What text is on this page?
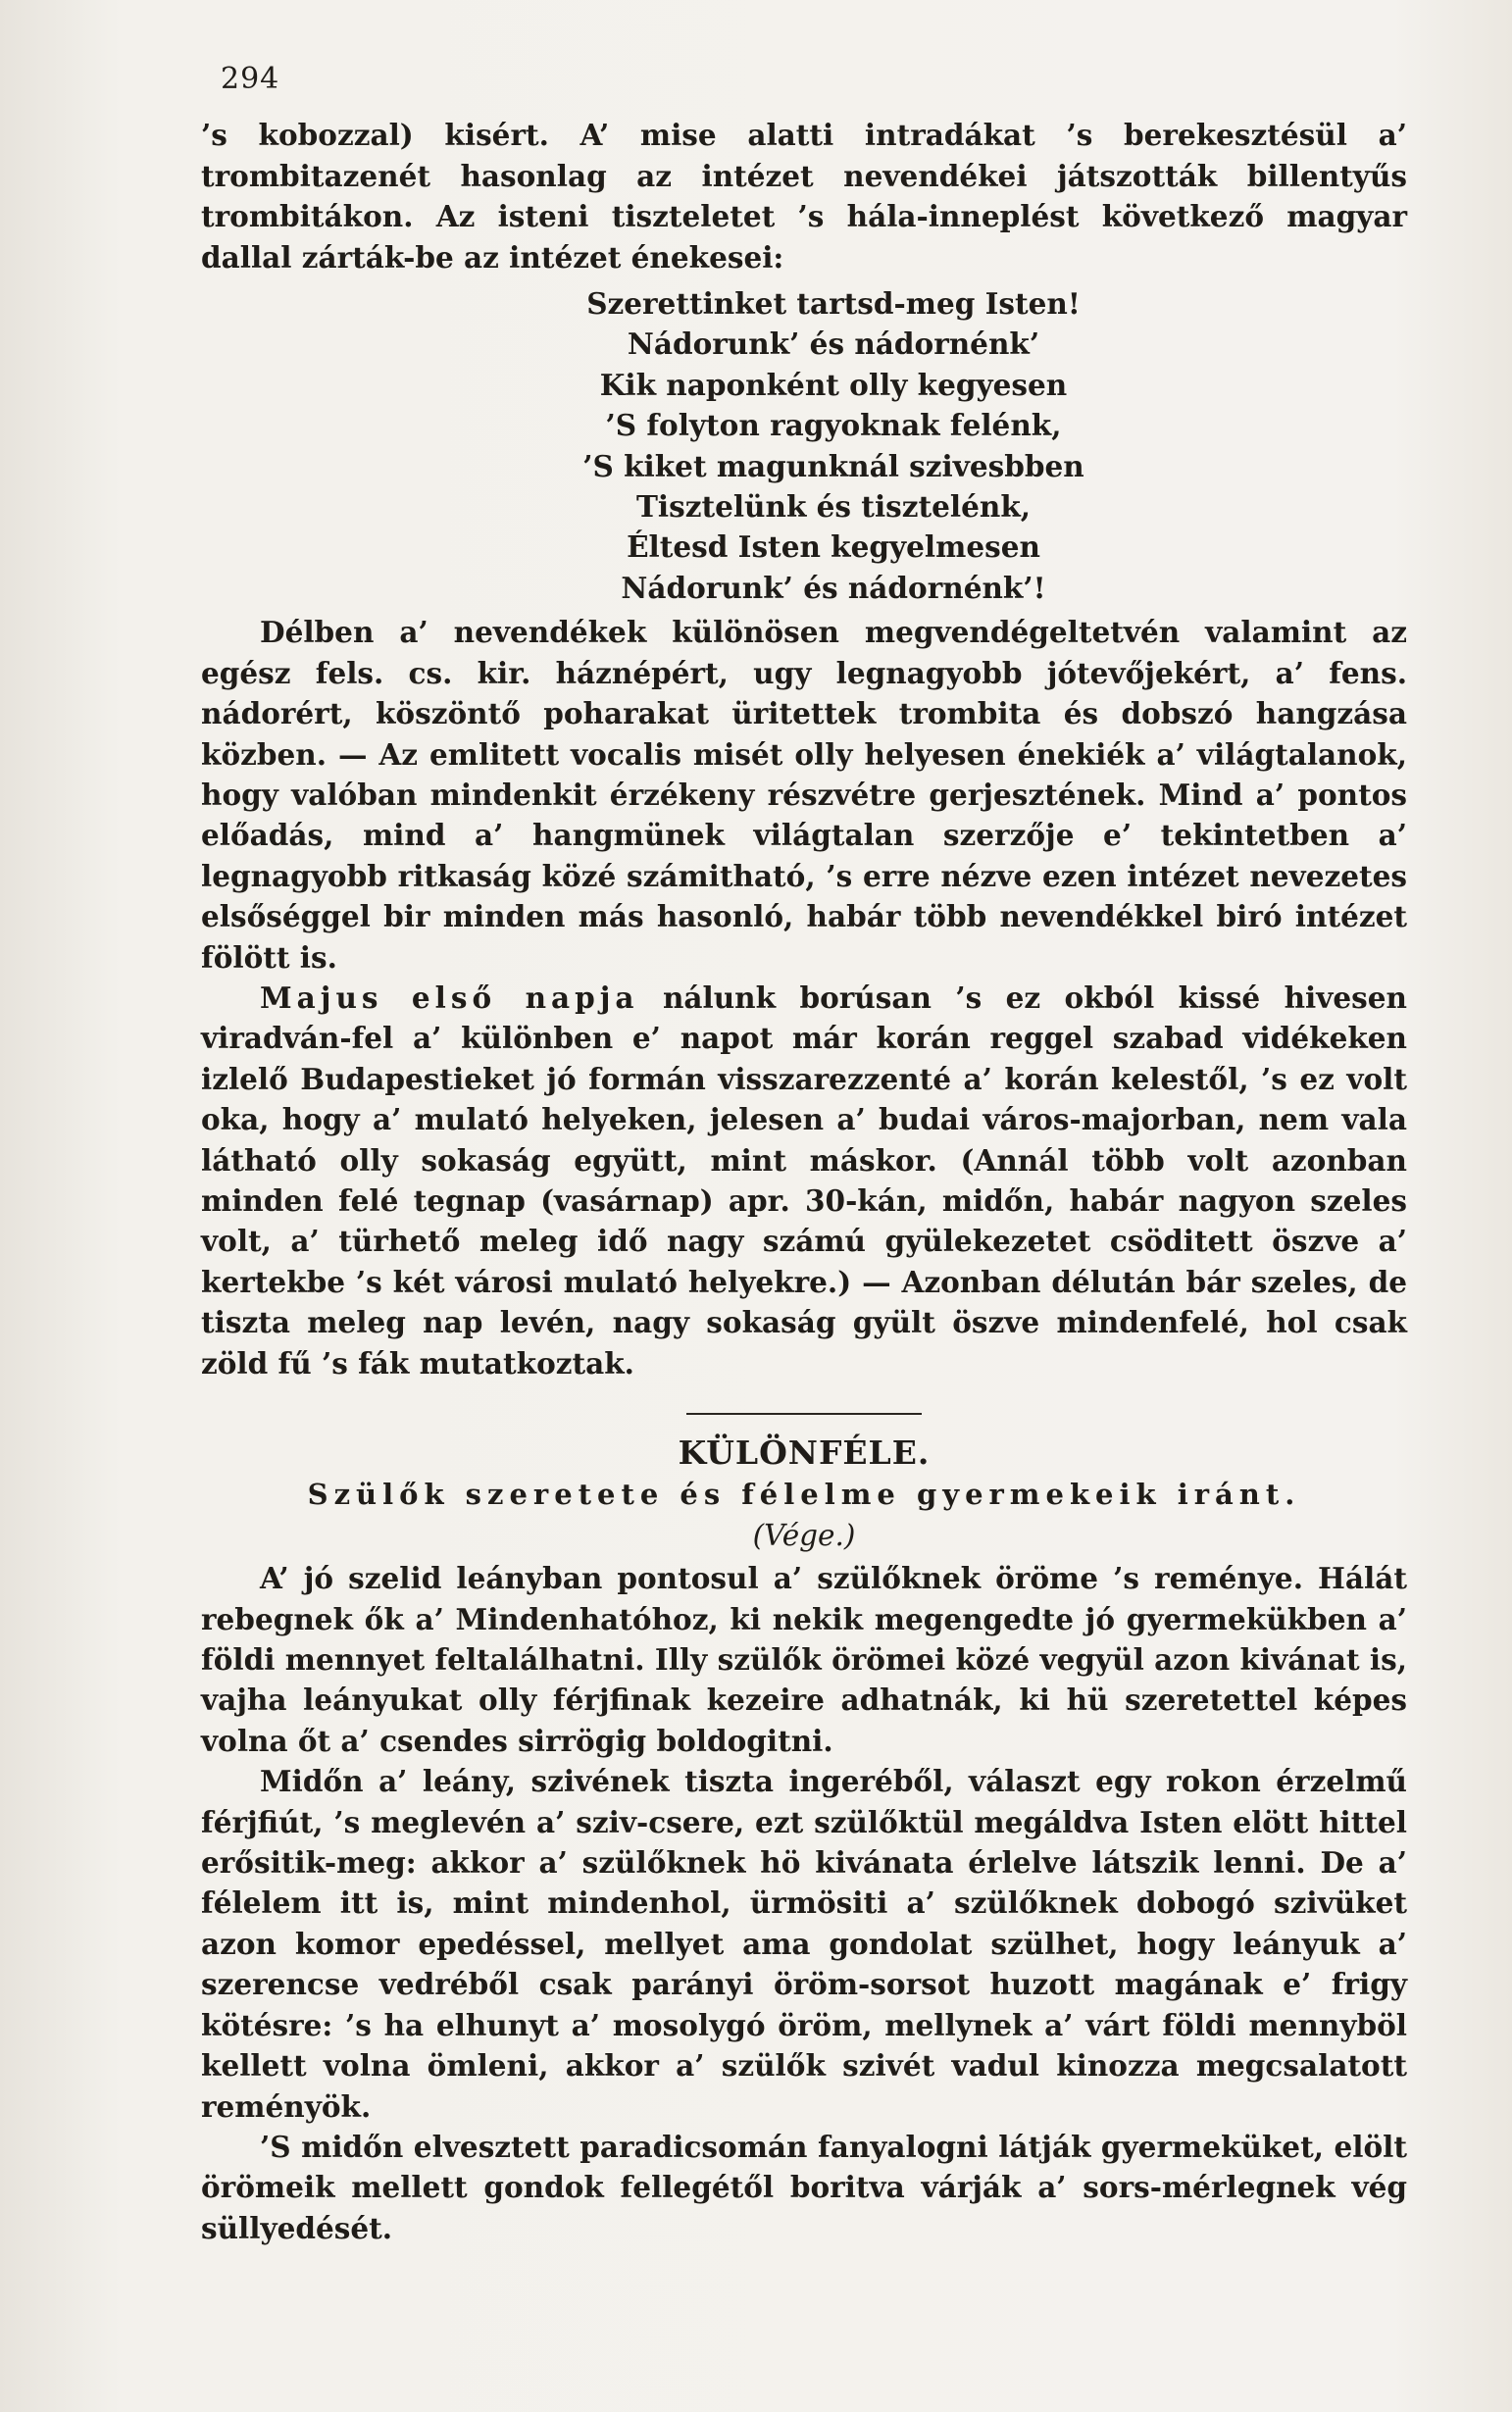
294

’s kobozzal) kisért. A’ mise alatti intradákat ’s berekesztésül a’ trombitazenét hasonlag az intézet nevendékei játszották billentyűs trombitákon. Az isteni tiszteletet ’s hála-inneplést következő magyar dallal zárták-be az intézet énekesei:

Szerettinket tartsd-meg Isten!
Nádorunk’ és nádornénk’
Kik naponként olly kegyesen
’S folyton ragyoknak felénk,
’S kiket magunknál szivesbben
Tisztelünk és tisztelénk,
Éltesd Isten kegyelmesen
Nádorunk’ és nádornénk’!

Délben a’ nevendékek különösen megvendégeltetvén valamint az egész fels. cs. kir. háznépért, ugy legnagyobb jótevőjekért, a’ fens. nádorért, köszöntő poharakat üritettek trombita és dobszó hangzása közben. — Az emlitett vocalis misét olly helyesen énekiék a’ világtalanok, hogy valóban mindenkit érzékeny részvétre gerjesztének. Mind a’ pontos előadás, mind a’ hangmünek világtalan szerzője e’ tekintetben a’ legnagyobb ritkaság közé számitható, ’s erre nézve ezen intézet nevezetes elsőséggel bir minden más hasonló, habár több nevendékkel biró intézet fölött is.

Majus első napja nálunk borúsan ’s ez okból kissé hivesen viradván-fel a’ különben e’ napot már korán reggel szabad vidékeken izlelő Budapestieket jó formán visszarezzenté a’ korán kelestől, ’s ez volt oka, hogy a’ mulató helyeken, jelesen a’ budai város-majorban, nem vala látható olly sokaság együtt, mint máskor. (Annál több volt azonban minden felé tegnap (vasárnap) apr. 30-kán, midőn, habár nagyon szeles volt, a’ türhető meleg idő nagy számú gyülekezetet csöditett öszve a’ kertekbe ’s két városi mulató helyekre.) — Azonban délután bár szeles, de tiszta meleg nap levén, nagy sokaság gyült öszve mindenfelé, hol csak zöld fű ’s fák mutatkoztak.

KÜLÖNFÉLE.
Szülők szeretete és félelme gyermekeik iránt.
(Vége.)

A’ jó szelid leányban pontosul a’ szülőknek öröme ’s reménye. Hálát rebegnek ők a’ Mindenhatóhoz, ki nekik megengedte jó gyermekükben a’ földi mennyet feltalálhatni. Illy szülők örömei közé vegyül azon kivánat is, vajha leányukat olly férjfinak kezeire adhatnák, ki hü szeretettel képes volna őt a’ csendes sirrögig boldogitni.

Midőn a’ leány, szivének tiszta ingeréből, választ egy rokon érzelmű férjfiút, ’s meglevén a’ sziv-csere, ezt szülőktül megáldva Isten elött hittel erősitik-meg: akkor a’ szülőknek hö kivánata érlelve látszik lenni. De a’ félelem itt is, mint mindenhol, ürmösiti a’ szülőknek dobogó szivüket azon komor epedéssel, mellyet ama gondolat szülhet, hogy leányuk a’ szerencse vedréből csak parányi öröm-sorsot huzott magának e’ frigy kötésre: ’s ha elhunyt a’ mosolygó öröm, mellynek a’ várt földi mennyböl kellett volna ömleni, akkor a’ szülők szivét vadul kinozza megcsalatott reményök.

’S midőn elvesztett paradicsomán fanyalogni látják gyermeküket, elölt örömeik mellett gondok fellegétől boritva várják a’ sors-mérlegnek vég süllyedését.
